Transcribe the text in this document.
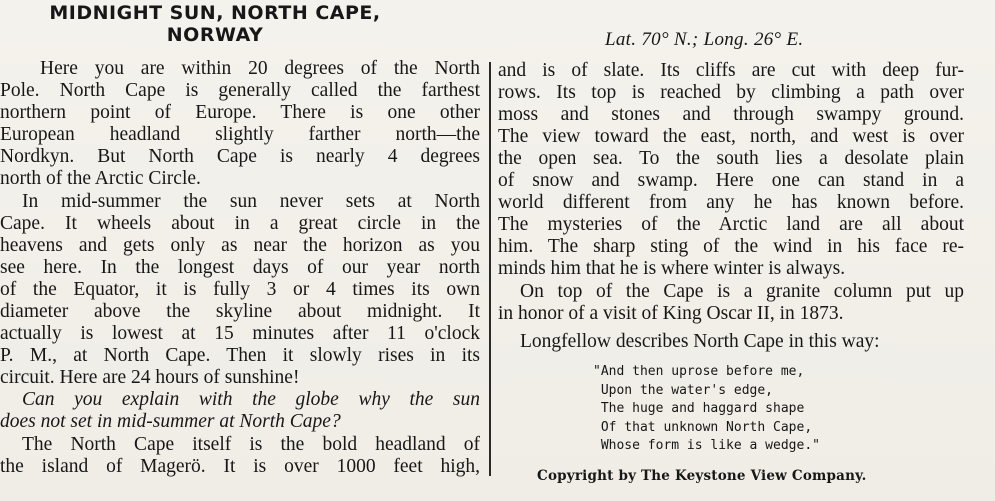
MIDNIGHT SUN, NORTH CAPE,
NORWAY	Lat. 70° N.; Long. 26° E.
Here you are within 20 degrees of the North
Pole. North Cape is generally called the farthest
northern point of Europe. There is one other
European headland slightly farther north—the
Nordkyn. But North Cape is nearly 4 degrees
north of the Arctic Circle.
In mid-summer the sun never sets at North
Cape. It wheels about in a great circle in the
heavens and gets only as near the horizon as you
see here. In the longest days of our year north
of the Equator, it is fully 3 or 4 times its own
diameter above the skyline about midnight. It
actually is lowest at 15 minutes after 11 o'clock
P. M., at North Cape. Then it slowly rises in its
circuit. Here are 24 hours of sunshine!
Can you explain with the globe why the sun
does not set in mid-summer at North Cape?
The North Cape itself is the bold headland of
the island of Magerö. It is over 1000 feet high,
and is of slate. Its cliffs are cut with deep fur-
rows. Its top is reached by climbing a path over
moss and stones and through swampy ground.
The view toward the east, north, and west is over
the open sea. To the south lies a desolate plain
of snow and swamp. Here one can stand in a
world different from any he has known before.
The mysteries of the Arctic land are all about
him. The sharp sting of the wind in his face re-
minds him that he is where winter is always.
On top of the Cape is a granite column put up
in honor of a visit of King Oscar II, in 1873.
Longfellow describes North Cape in this way:
"And then uprose before me,
Upon the water's edge,
The huge and haggard shape
Of that unknown North Cape,
Whose form is like a wedge."
Copyright by The Keystone View Company.
